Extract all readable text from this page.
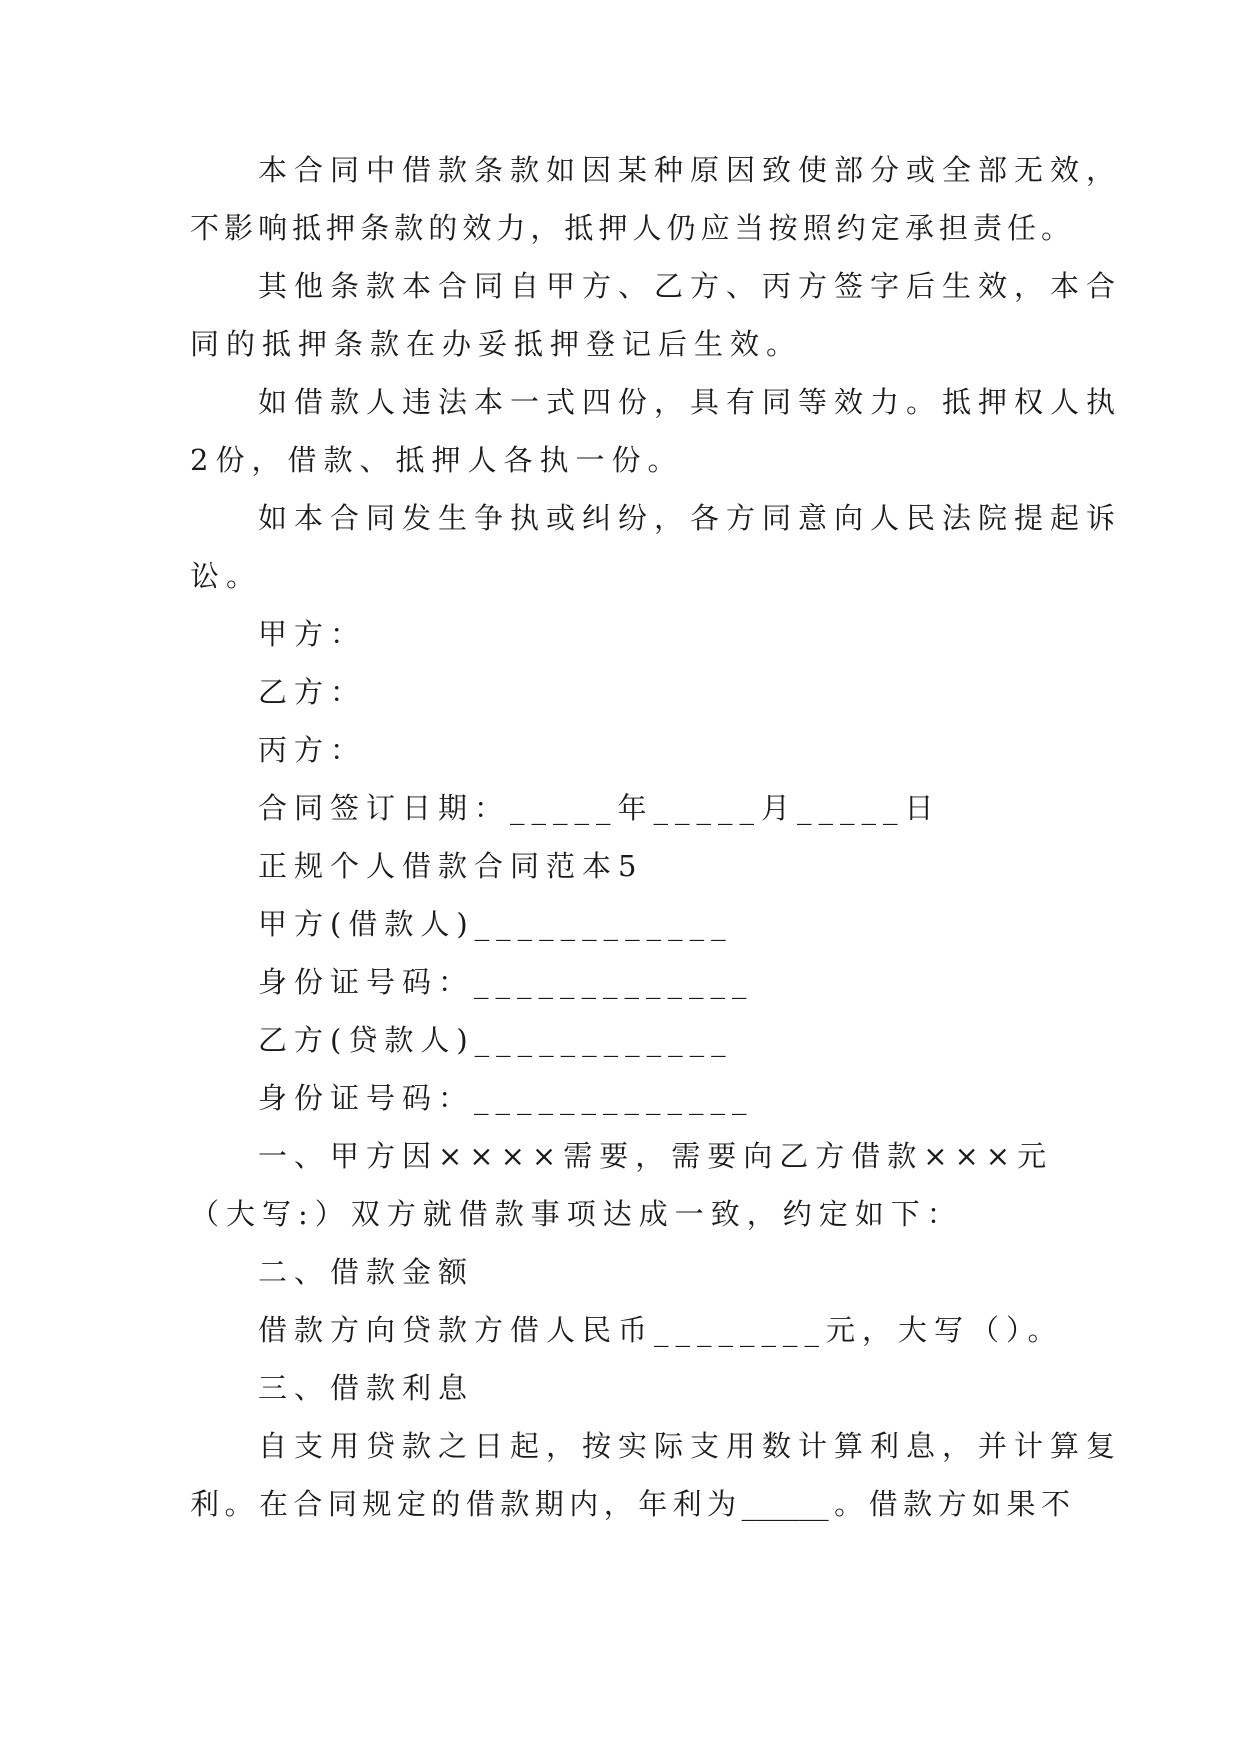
本合同中借款条款如因某种原因致使部分或全部无效，
不影响抵押条款的效力，抵押人仍应当按照约定承担责任。
其他条款本合同自甲方、乙方、丙方签字后生效，本合
同的抵押条款在办妥抵押登记后生效。
如借款人违法本一式四份，具有同等效力。抵押权人执
2份，借款、抵押人各执一份。
如本合同发生争执或纠纷，各方同意向人民法院提起诉
讼。
甲方：
乙方：
丙方：
合同签订日期：_____年_____月_____日
正规个人借款合同范本5
甲方(借款人)____________
身份证号码：_____________
乙方(贷款人)____________
身份证号码：_____________
一、甲方因××××需要，需要向乙方借款×××元
（大写:）双方就借款事项达成一致，约定如下：
二、借款金额
借款方向贷款方借人民币________元，大写（）。
三、借款利息
自支用贷款之日起，按实际支用数计算利息，并计算复
利。在合同规定的借款期内，年利为______。借款方如果不
